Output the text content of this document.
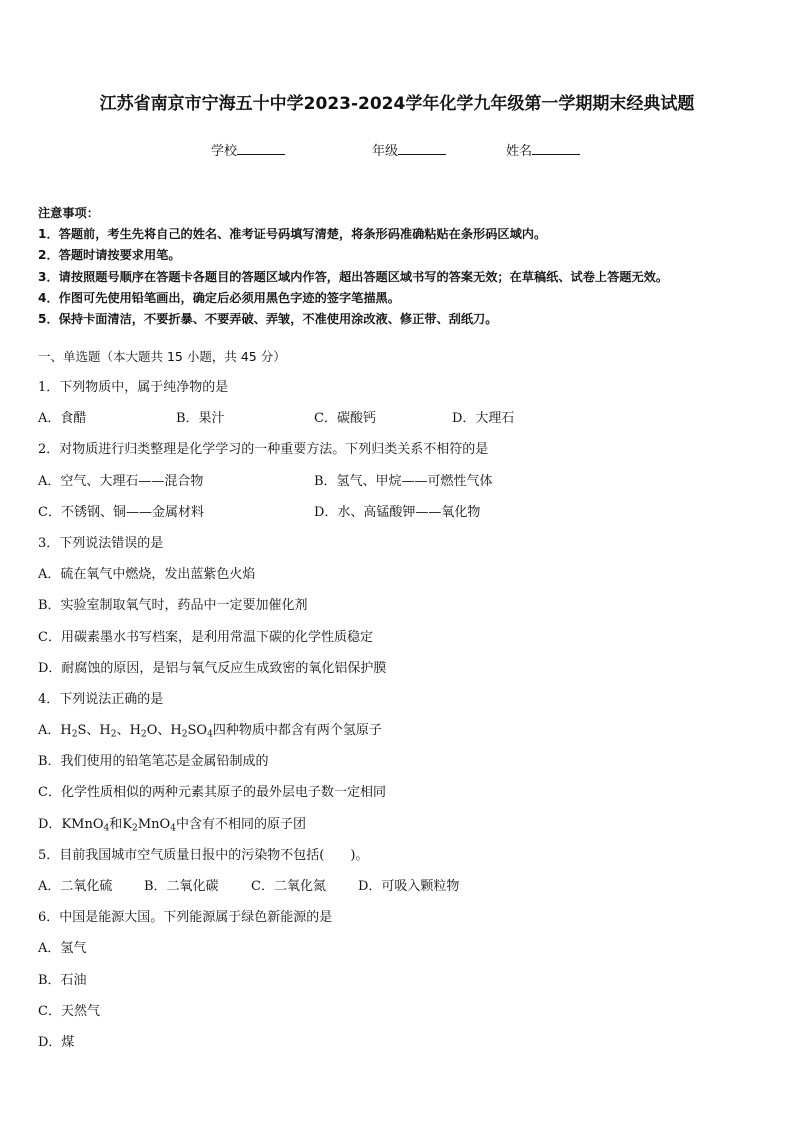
江苏省南京市宁海五十中学2023-2024学年化学九年级第一学期期末经典试题
学校	年级	姓名
注意事项：
1．答题前，考生先将自己的姓名、准考证号码填写清楚，将条形码准确粘贴在条形码区域内。
2．答题时请按要求用笔。
3．请按照题号顺序在答题卡各题目的答题区域内作答，超出答题区域书写的答案无效；在草稿纸、试卷上答题无效。
4．作图可先使用铅笔画出，确定后必须用黑色字迹的签字笔描黑。
5．保持卡面清洁，不要折暴、不要弄破、弄皱，不准使用涂改液、修正带、刮纸刀。
一、单选题（本大题共 15 小题，共 45 分）
1．下列物质中，属于纯净物的是
A．食醋	B．果汁	C．碳酸钙	D．大理石
2．对物质进行归类整理是化学学习的一种重要方法。下列归类关系不相符的是
A．空气、大理石——混合物	B．氢气、甲烷——可燃性气体
C．不锈钢、铜——金属材料	D．水、高锰酸钾——氧化物
3．下列说法错误的是
A．硫在氧气中燃烧，发出蓝紫色火焰
B．实验室制取氧气时，药品中一定要加催化剂
C．用碳素墨水书写档案，是利用常温下碳的化学性质稳定
D．耐腐蚀的原因，是铝与氧气反应生成致密的氧化铝保护膜
4．下列说法正确的是
A．$H_2S$、$H_2$、$H_2O$、$H_2SO_4$四种物质中都含有两个氢原子
B．我们使用的铅笔笔芯是金属铅制成的
C．化学性质相似的两种元素其原子的最外层电子数一定相同
D．KMnO$_4$和$K_2MnO_4$中含有不相同的原子团
5．目前我国城市空气质量日报中的污染物不包括(　　)。
A．二氧化硫 B．二氧化碳 C．二氧化氮 D．可吸入颗粒物
6．中国是能源大国。下列能源属于绿色新能源的是
A．氢气
B．石油
C．天然气
D．煤
